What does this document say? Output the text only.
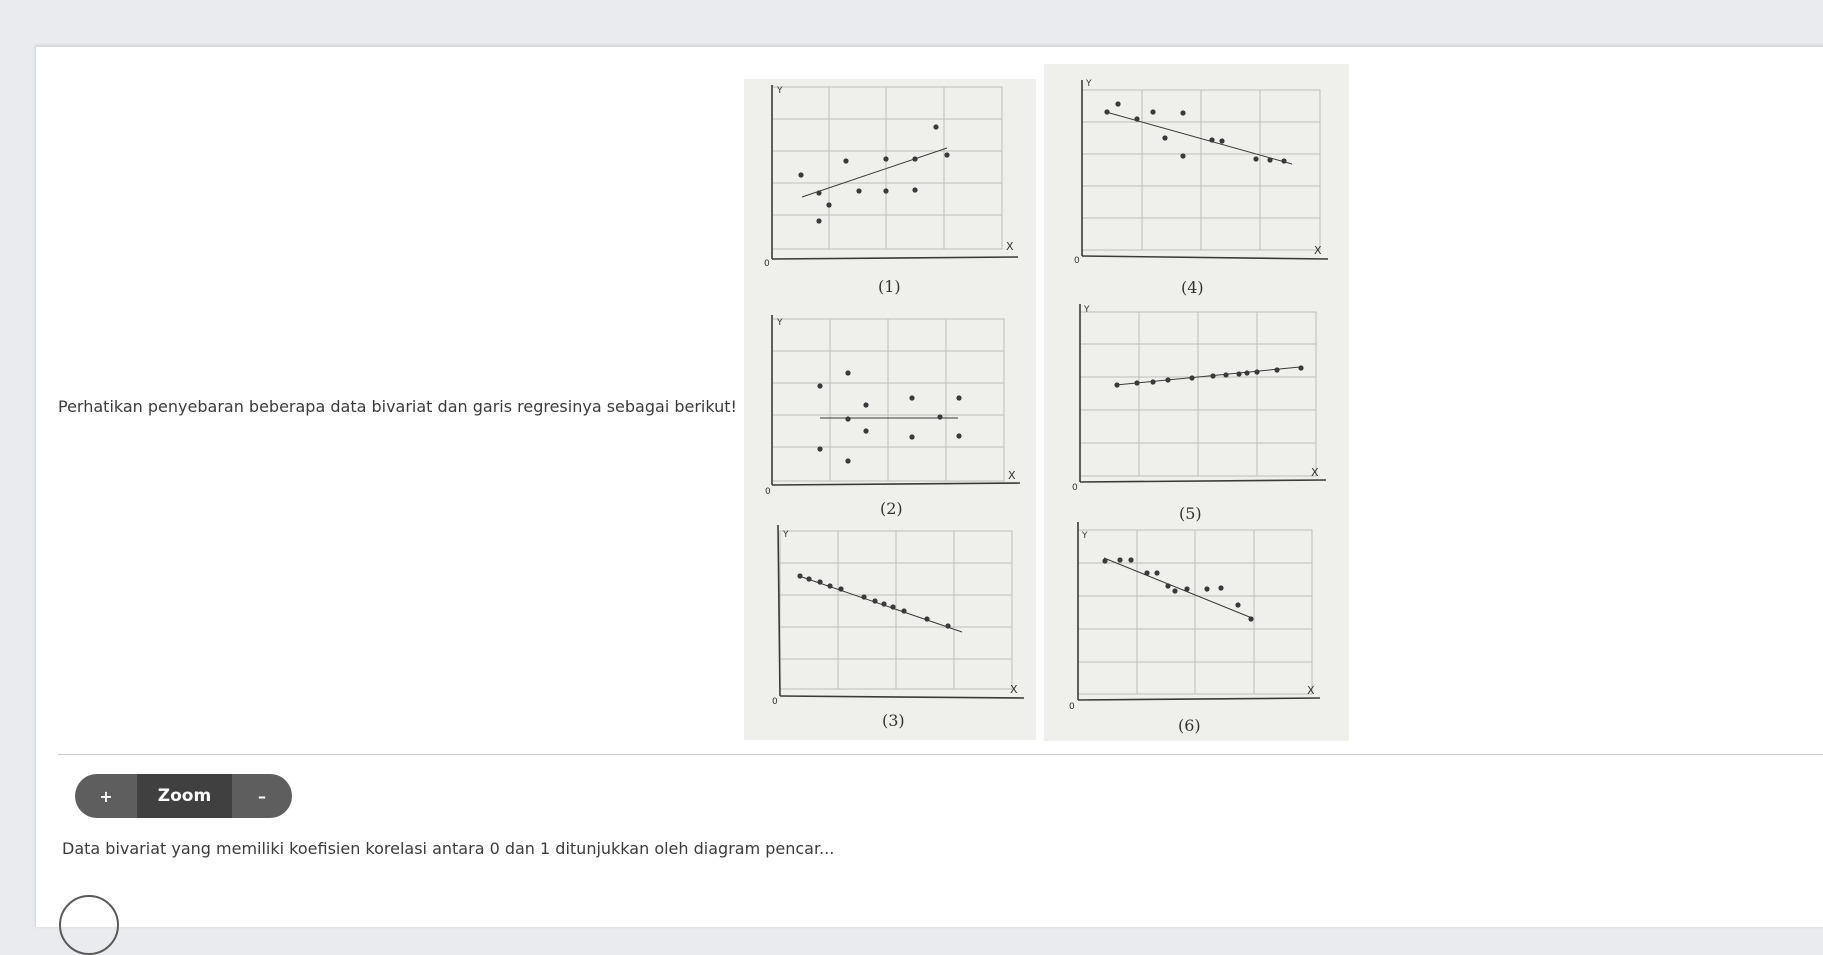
Perhatikan penyebaran beberapa data bivariat dan garis regresinya sebagai berikut!
Y
X
0
(1)
Y
X
0
(2)
Y
X
0
(3)
Y
X
0
(4)
Y
X
0
(5)
Y
X
0
(6)
+	Zoom	–
Data bivariat yang memiliki koefisien korelasi antara 0 dan 1 ditunjukkan oleh diagram pencar...
